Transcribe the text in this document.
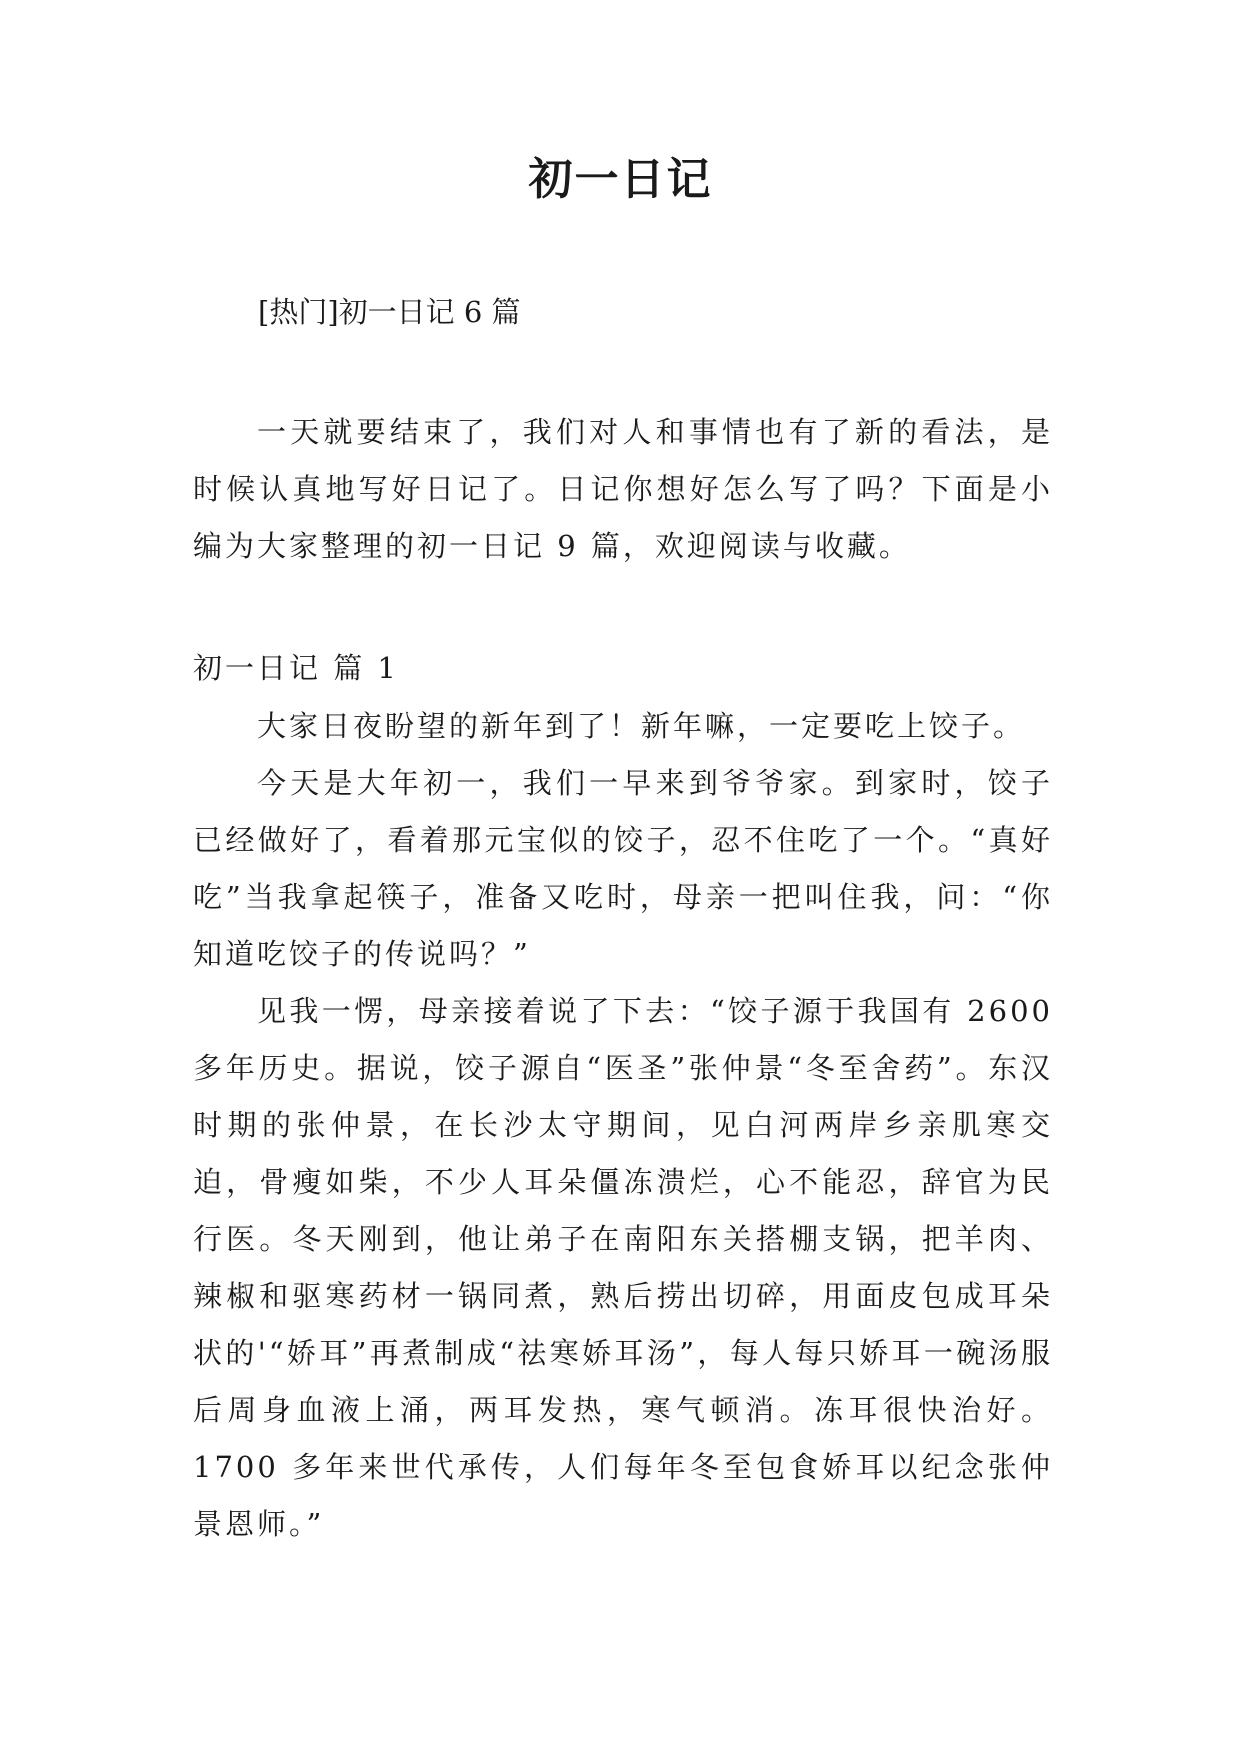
初一日记
[热门]初一日记 6 篇

一天就要结束了，我们对人和事情也有了新的看法，是时候认真地写好日记了。日记你想好怎么写了吗？下面是小编为大家整理的初一日记 9 篇，欢迎阅读与收藏。

初一日记 篇 1

大家日夜盼望的新年到了！新年嘛，一定要吃上饺子。

今天是大年初一，我们一早来到爷爷家。到家时，饺子已经做好了，看着那元宝似的饺子，忍不住吃了一个。“真好吃”当我拿起筷子，准备又吃时，母亲一把叫住我，问：“你知道吃饺子的传说吗？”

见我一愣，母亲接着说了下去：“饺子源于我国有 2600 多年历史。据说，饺子源自“医圣”张仲景“冬至舍药”。东汉时期的张仲景，在长沙太守期间，见白河两岸乡亲肌寒交迫，骨瘦如柴，不少人耳朵僵冻溃烂，心不能忍，辞官为民行医。冬天刚到，他让弟子在南阳东关搭棚支锅，把羊肉、辣椒和驱寒药材一锅同煮，熟后捞出切碎，用面皮包成耳朵状的'“娇耳”再煮制成“祛寒娇耳汤”，每人每只娇耳一碗汤服后周身血液上涌，两耳发热，寒气顿消。冻耳很快治好。1700 多年来世代承传，人们每年冬至包食娇耳以纪念张仲景恩师。”
